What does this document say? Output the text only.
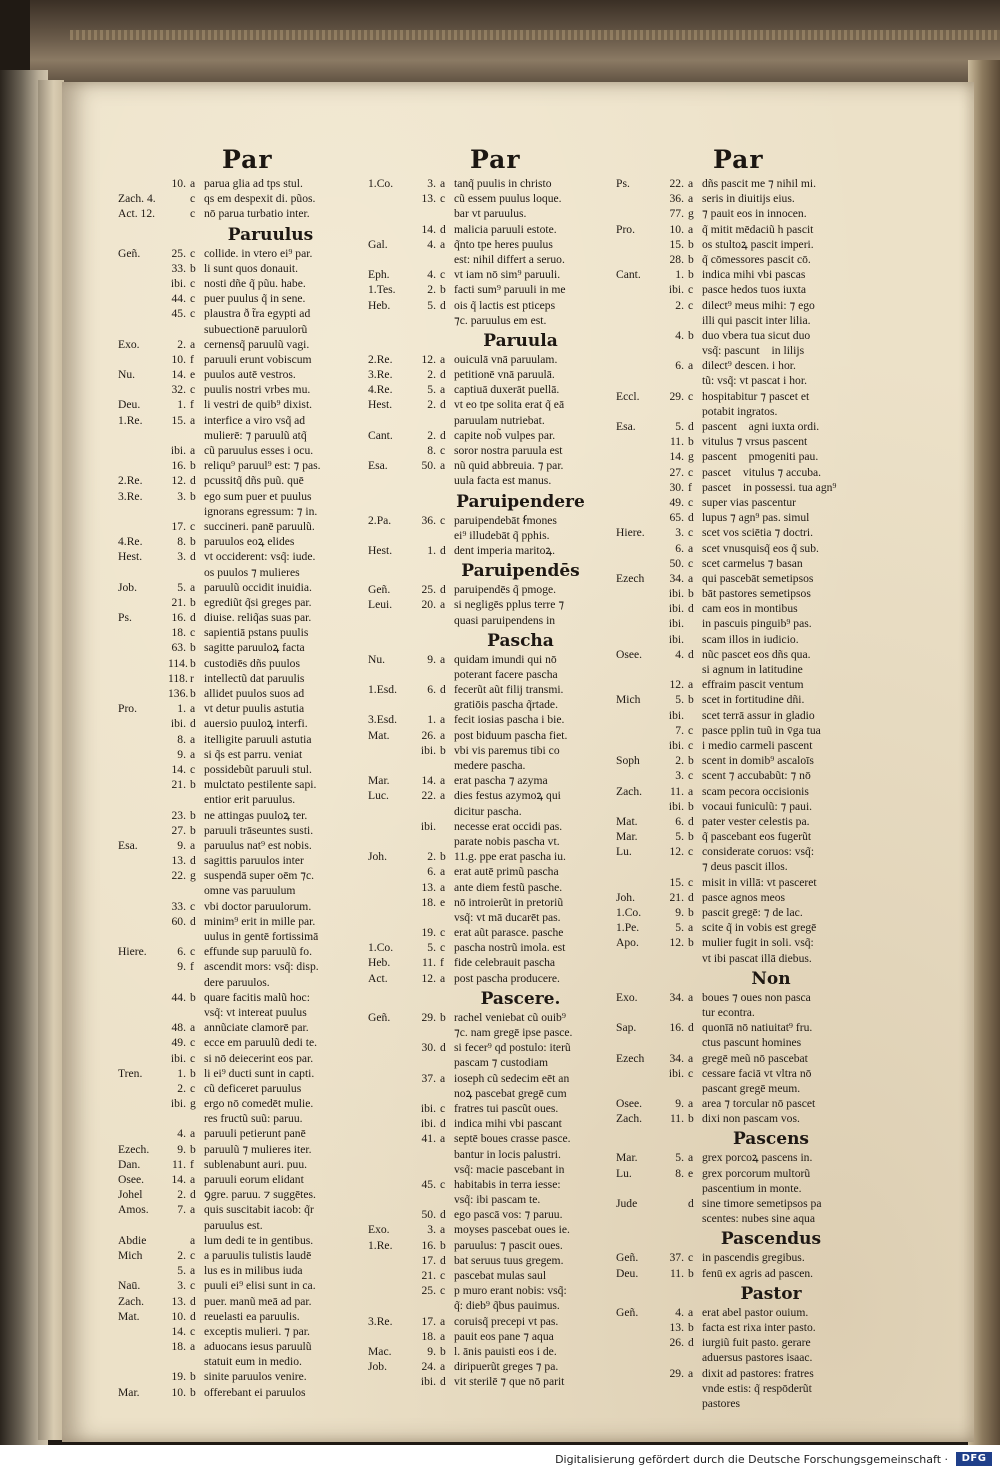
Par	Par	Par
10. a parua glia ad tps stul.
Zach. 4.	c qs em despexit di. pũos.
Act. 12.	c nō parua turbatio inter.
Paruulus
Geñ.	25. c collide. in vtero ei⁹ par.
33. b li sunt quos donauit.
ibi. c nosti dñe q̃ pũu. habe.
44. c puer puulus q̃ in sene.
45. c plaustra ð t̃ra egypti ad
subuectionē paruulorũ
Exo.	2. a cernensq̃ paruulũ vagi.
10. f paruuli erunt vobiscum
Nu.	14. e puulos autē vestros.
32. c puulis nostri vrbes mu.
Deu.	1. f li vestri de quib⁹ dixist.
1.Re.	15. a interfice a viro vsq̃ ad
mulierē: ⁊ paruulũ atq̃
ibi. a cũ paruulus esses i ocu.
16. b reliqu⁹ paruul⁹ est: ⁊ pas.
2.Re.	12. d pcussitq̃ dñs puũ. quē
3.Re.	3. b ego sum puer et puulus
ignorans egressum: ⁊ in.
17. c succineri. panē paruulũ.
4.Re.	8. b paruulos eoꝝ elides
Hest.	3. d vt occiderent: vsq̃: iude.
os puulos ⁊ mulieres
Job.	5. a paruulũ occidit inuidia.
21. b egrediũt q̃si greges par.
Ps.	16. d diuise. reliq̃as suas par.
18. c sapientiā pstans puulis
63. b sagitte paruuloꝝ facta
114. b custodiēs dñs puulos
118. r intellectũ dat paruulis
136. b allidet puulos suos ad
Pro.	1. a vt detur puulis astutia
ibi. d auersio puuloꝝ interfi.
8. a itelligite paruuli astutia
9. a si q̃s est parru. veniat
14. c possidebũt paruuli stul.
21. b mulctato pestilente sapi.
entior erit paruulus.
23. b ne attingas puuloꝝ ter.
27. b paruuli trāseuntes susti.
Esa.	9. a paruulus nat⁹ est nobis.
13. d sagittis paruulos inter
22. g suspendā super oēm ⁊c.
omne vas paruulum
33. c vbi doctor paruulorum.
60. d minim⁹ erit in mille par.
uulus in gentē fortissimā
Hiere.	6. c effunde sup paruulũ fo.
9. f ascendit mors: vsq̃: disp.
dere paruulos.
44. b quare facitis malũ hoc:
vsq̃: vt intereat puulus
48. a annũciate clamorē par.
49. c ecce em paruulũ dedi te.
ibi. c si nō deiecerint eos par.
Tren.	1. b li ei⁹ ducti sunt in capti.
2. c cũ deficeret paruulus
ibi. g ergo nō comedēt mulie.
res fructũ suũ: paruu.
4. a paruuli petierunt panē
Ezech.	9. b paruulũ ⁊ mulieres iter.
Dan.	11. f sublenabunt auri. puu.
Osee.	14. a paruuli eorum elidant
Johel	2. d ꝯgre. paruu. ⁊ suggētes.
Amos.	7. a quis suscitabit iacob: q̃r
paruulus est.
Abdie	a lum dedi te in gentibus.
Mich	2. c a paruulis tulistis laudē
5. a lus es in milibus iuda
Naū.	3. c puuli ei⁹ elisi sunt in ca.
Zach.	13. d puer. manũ meā ad par.
Mat.	10. d reuelasti ea paruulis.
14. c exceptis mulieri. ⁊ par.
18. a aduocans iesus paruulũ
statuit eum in medio.
19. b sinite paruulos venire.
Mar.	10. b offerebant ei paruulos
1.Co.	3. a tanq̃ puulis in christo
13. c cũ essem puulus loque.
bar vt paruulus.
14. d malicia paruuli estote.
Gal.	4. a q̃nto tpe heres puulus
est: nihil differt a seruo.
Eph.	4. c vt iam nō sim⁹ paruuli.
1.Tes.	2. b facti sum⁹ paruuli in me
Heb.	5. d ois q̃ lactis est pticeps
⁊c. paruulus em est.
Paruula
2.Re.	12. a ouiculā vnā paruulam.
3.Re.	2. d petitionē vnā paruulā.
4.Re.	5. a captiuā duxerāt puellā.
Hest.	2. d vt eo tpe solita erat q̃ eā
paruulam nutriebat.
Cant.	2. d capite nob̃ vulpes par.
8. c soror nostra paruula est
Esa.	50. a nũ quid abbreuia. ⁊ par.
uula facta est manus.
Paruipendere
2.Pa.	36. c paruipendebāt ẜmones
ei⁹ illudebāt q̃ pphis.
Hest.	1. d dent imperia maritoꝝ.
Paruipendēs
Geñ.	25. d paruipendēs q̃ pmoge.
Leui.	20. a si negligēs pplus terre ⁊
quasi paruipendens in
Pascha
Nu.	9. a quidam imundi qui nō
poterant facere pascha
1.Esd.	6. d fecerũt aũt filij transmi.
gratiōis pascha q̃rtade.
3.Esd.	1. a fecit iosias pascha i bie.
Mat.	26. a post biduum pascha fiet.
ibi. b vbi vis paremus tibi co
medere pascha.
Mar.	14. a erat pascha ⁊ azyma
Luc.	22. a dies festus azymoꝝ qui
dicitur pascha.
ibi. necesse erat occidi pas.
parate nobis pascha vt.
Joh.	2. b 11.g. ppe erat pascha iu.
6. a erat autē primũ pascha
13. a ante diem festũ pasche.
18. e nō introierũt in pretoriũ
vsq̃: vt mā ducarēt pas.
19. c erat aũt parasce. pasche
1.Co.	5. c pascha nostrũ imola. est
Heb.	11. f fide celebrauit pascha
Act.	12. a post pascha producere.
Pascere.
Geñ.	29. b rachel veniebat cũ ouib⁹
⁊c. nam gregē ipse pasce.
30. d si fecer⁹ qd postulo: iterũ
pascam ⁊ custodiam
37. a ioseph cũ sedecim eēt an
noꝝ pascebat gregē cum
ibi. c fratres tui pascũt oues.
ibi. d indica mihi vbi pascant
41. a septē boues crasse pasce.
bantur in locis palustri.
vsq̃: macie pascebant in
45. c habitabis in terra iesse:
vsq̃: ibi pascam te.
50. d ego pascā vos: ⁊ paruu.
Exo.	3. a moyses pascebat oues ie.
1.Re.	16. b paruulus: ⁊ pascit oues.
17. d bat seruus tuus gregem.
21. c pascebat mulas saul
25. c p muro erant nobis: vsq̃:
q̃: dieb⁹ q̃bus pauimus.
3.Re.	17. a coruisq̃ precepi vt pas.
18. a pauit eos pane ⁊ aqua
Mac.	9. b l. ānis pauisti eos i de.
Job.	24. a diripuerũt greges ⁊ pa.
ibi. d vit sterilē ⁊ que nō parit
Ps.	22. a dñs pascit me ⁊ nihil mi.
36. a seris in diuitijs eius.
77. g ⁊ pauit eos in innocen.
Pro.	10. a q̃ mitit mēdaciũ h pascit
15. b os stultoꝝ pascit imperi.
28. b q̃ cōmessores pascit cō.
Cant.	1. b indica mihi vbi pascas
ibi. c pasce hedos tuos iuxta
2. c dilect⁹ meus mihi: ⁊ ego
illi qui pascit inter lilia.
4. b duo vbera tua sicut duo
vsq̃: pascunt᷑ in lilijs
6. a dilect⁹ descen. i hor.
tũ: vsq̃: vt pascat i hor.
Eccl.	29. c hospitabitur ⁊ pascet et
potabit ingratos.
Esa.	5. d pascent᷑ agni iuxta ordi.
11. b vitulus ⁊ vrsus pascent
14. g pascent᷑ pmogeniti pau.
27. c pascet᷑ vitulus ⁊ accuba.
30. f pascet᷑ in possessi. tua agn⁹
49. c super vias pascentur
65. d lupus ⁊ agn⁹ pas. simul
Hiere.	3. c scet vos sciētia ⁊ doctri.
6. a scet vnusquisq̃ eos q̃ sub.
50. c scet carmelus ⁊ basan
Ezech	34. a qui pascebāt semetipsos
ibi. b bāt pastores semetipsos
ibi. d cam eos in montibus
ibi. in pascuis pinguib⁹ pas.
ibi. scam illos in iudicio.
Osee.	4. d nũc pascet eos dñs qua.
si agnum in latitudine
12. a effraim pascit ventum
Mich	5. b scet in fortitudine dñi.
ibi. scet terrā assur in gladio
7. c pasce pplin tuũ in v̄ga tua
ibi. c i medio carmeli pascent
Soph	2. b scent in domib⁹ ascaloīs
3. c scent ⁊ accubabũt: ⁊ nō
Zach.	11. a scam pecora occisionis
ibi. b vocaui funiculũ: ⁊ paui.
Mat.	6. d pater vester celestis pa.
Mar.	5. b q̃ pascebant eos fugerũt
Lu.	12. c considerate coruos: vsq̃:
⁊ deus pascit illos.
15. c misit in villā: vt pasceret
Joh.	21. d pasce agnos meos
1.Co.	9. b pascit gregē: ⁊ de lac.
1.Pe.	5. a scite q̃ in vobis est gregē
Apo.	12. b mulier fugit in soli. vsq̃:
vt ibi pascat illā diebus.
Non
Exo.	34. a boues ⁊ oues non pasca
tur econtra.
Sap.	16. d quonīā nō natiuitat⁹ fru.
ctus pascunt homines
Ezech	34. a gregē meũ nō pascebat
ibi. c cessare faciā vt vltra nō
pascant gregē meum.
Osee.	9. a area ⁊ torcular nō pascet
Zach.	11. b dixi non pascam vos.
Pascens
Mar.	5. a grex porcoꝝ pascens in.
Lu.	8. e grex porcorum multorũ
pascentium in monte.
Jude	d sine timore semetipsos pa
scentes: nubes sine aqua
Pascendus
Geñ.	37. c in pascendis gregibus.
Deu.	11. b fenū ex agris ad pascen.
Pastor
Geñ.	4. a erat abel pastor ouium.
13. b facta est rixa inter pasto.
26. d iurgiũ fuit pasto. gerare
aduersus pastores isaac.
29. a dixit ad pastores: fratres
vnde estis: q̃ respōderũt
pastores
Digitalisierung gefördert durch die Deutsche Forschungsgemeinschaft ·	DFG
